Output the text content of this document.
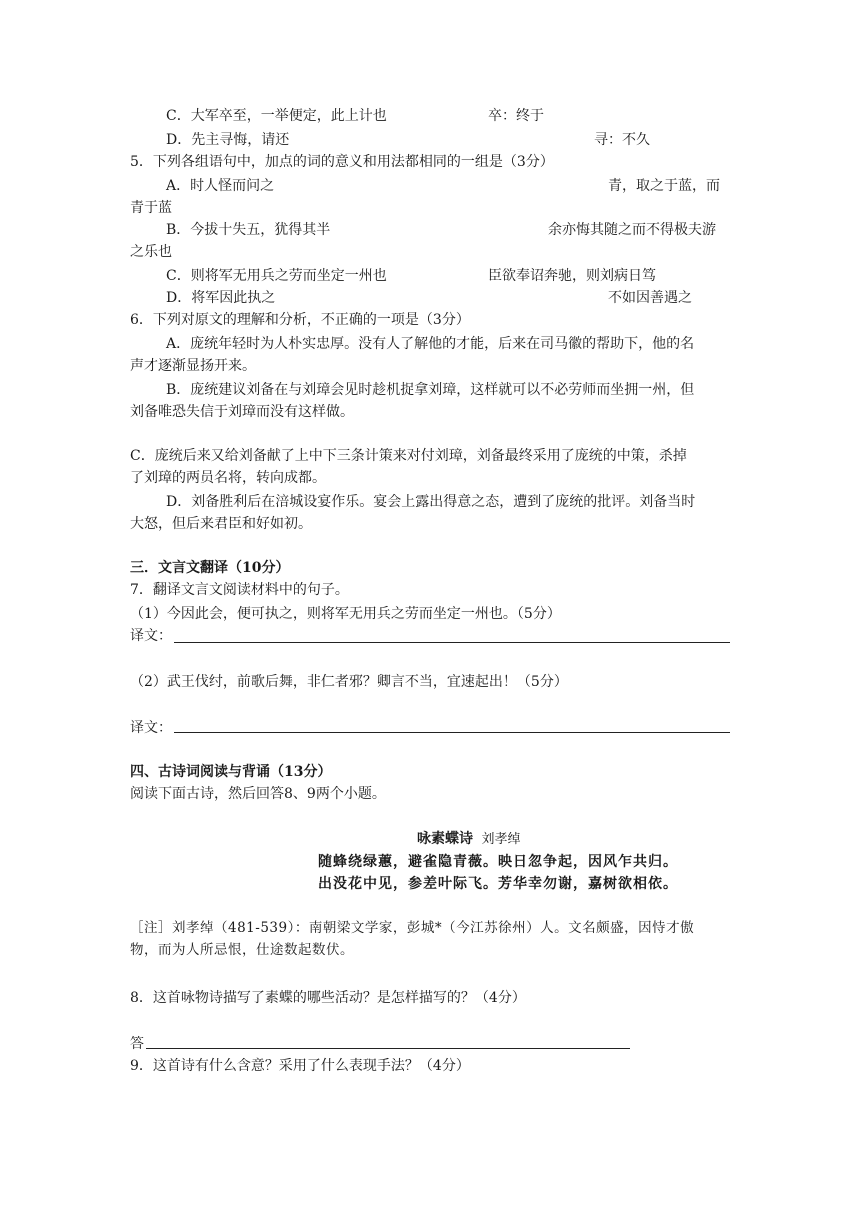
C．大军卒至，一举便定，此上计也	卒：终于
D．先主寻悔，请还	寻：不久
5．下列各组语句中，加点的词的意义和用法都相同的一组是（3分）
A．时人怪而问之	青，取之于蓝，而
青于蓝
B．今拔十失五，犹得其半	余亦悔其随之而不得极夫游
之乐也
C．则将军无用兵之劳而坐定一州也	臣欲奉诏奔驰，则刘病日笃
D．将军因此执之	不如因善遇之
6．下列对原文的理解和分析，不正确的一项是（3分）
A．庞统年轻时为人朴实忠厚。没有人了解他的才能，后来在司马徽的帮助下，他的名
声才逐渐显扬开来。
B．庞统建议刘备在与刘璋会见时趁机捉拿刘璋，这样就可以不必劳师而坐拥一州，但
刘备唯恐失信于刘璋而没有这样做。
C．庞统后来又给刘备献了上中下三条计策来对付刘璋，刘备最终采用了庞统的中策，杀掉
了刘璋的两员名将，转向成都。
D．刘备胜利后在涪城设宴作乐。宴会上露出得意之态，遭到了庞统的批评。刘备当时
大怒，但后来君臣和好如初。
三．文言文翻译（10分）
7．翻译文言文阅读材料中的句子。
（1）今因此会，便可执之，则将军无用兵之劳而坐定一州也。（5分）
译文：
（2）武王伐纣，前歌后舞，非仁者邪？卿言不当，宜速起出！（5分）
译文：
四、古诗词阅读与背诵（13分）
阅读下面古诗，然后回答8、9两个小题。
咏素蝶诗 刘孝绰
随蜂绕绿蕙，避雀隐青薇。映日忽争起，因风乍共归。
出没花中见，参差叶际飞。芳华幸勿谢，嘉树欲相依。
［注］刘孝绰（481-539）：南朝梁文学家，彭城*（今江苏徐州）人。文名颇盛，因恃才傲
物，而为人所忌恨，仕途数起数伏。
8．这首咏物诗描写了素蝶的哪些活动？是怎样描写的？（4分）
答
9．这首诗有什么含意？采用了什么表现手法？（4分）
